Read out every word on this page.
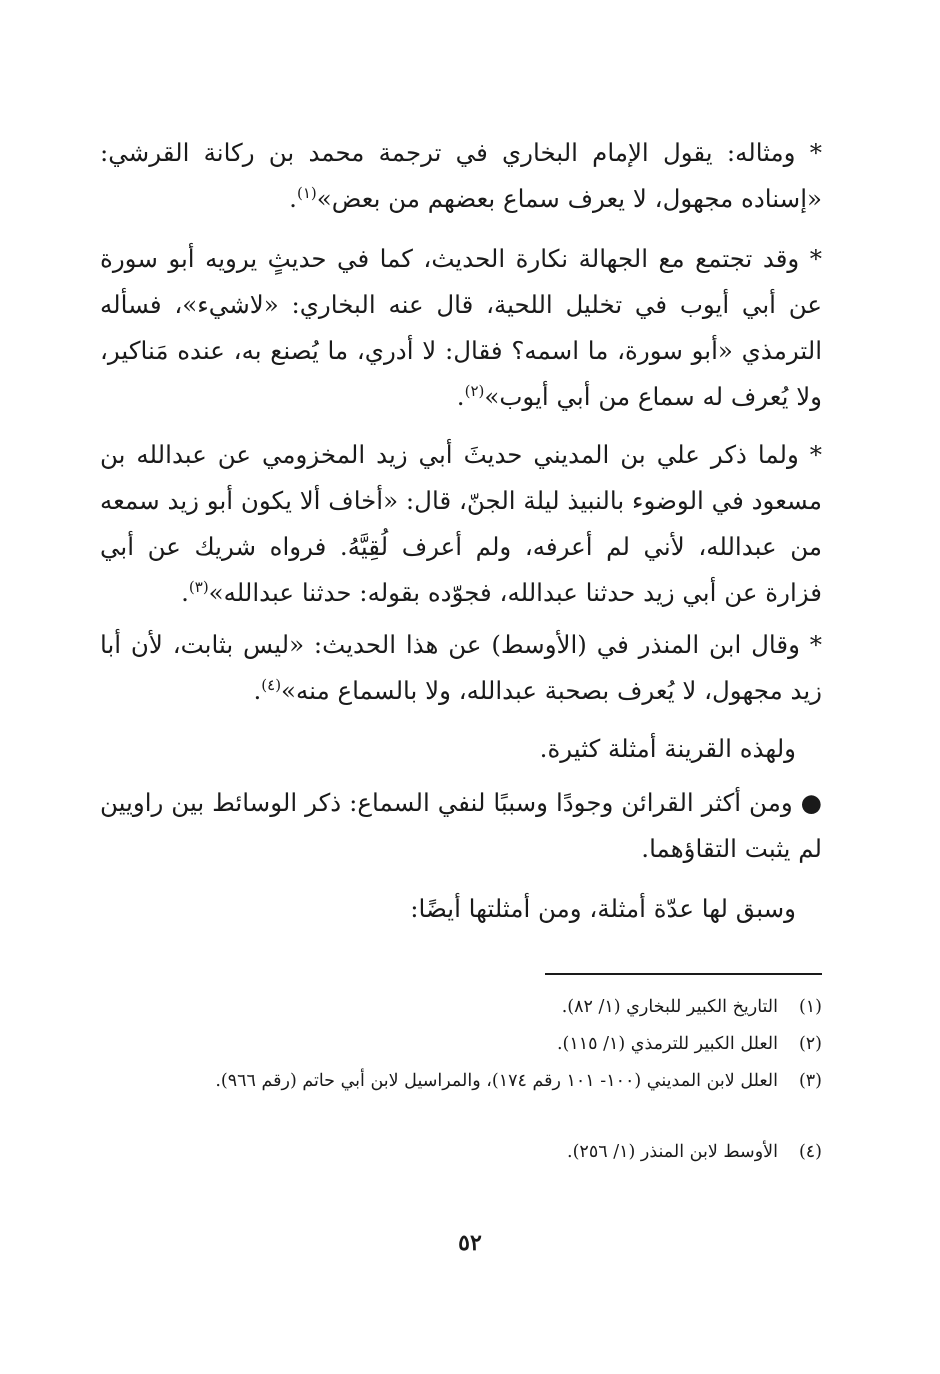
* ومثاله: يقول الإمام البخاري في ترجمة محمد بن ركانة القرشي: «إسناده مجهول، لا يعرف سماع بعضهم من بعض»$^{(١)}$.

* وقد تجتمع مع الجهالة نكارة الحديث، كما في حديثٍ يرويه أبو سورة عن أبي أيوب في تخليل اللحية، قال عنه البخاري: «لاشيء»، فسأله الترمذي «أبو سورة، ما اسمه؟ فقال: لا أدري، ما يُصنع به، عنده مَناكير، ولا يُعرف له سماع من أبي أيوب»$^{(٢)}$.

* ولما ذكر علي بن المديني حديثَ أبي زيد المخزومي عن عبدالله بن مسعود في الوضوء بالنبيذ ليلة الجنّ، قال: «أخاف ألا يكون أبو زيد سمعه من عبدالله، لأني لم أعرفه، ولم أعرف لُقِيَّهُ. فرواه شريك عن أبي فزارة عن أبي زيد حدثنا عبدالله، فجوّده بقوله: حدثنا عبدالله»$^{(٣)}$.

* وقال ابن المنذر في (الأوسط) عن هذا الحديث: «ليس بثابت، لأن أبا زيد مجهول، لا يُعرف بصحبة عبدالله، ولا بالسماع منه»$^{(٤)}$.

ولهذه القرينة أمثلة كثيرة.

● ومن أكثر القرائن وجودًا وسببًا لنفي السماع: ذكر الوسائط بين راويين لم يثبت التقاؤهما.

وسبق لها عدّة أمثلة، ومن أمثلتها أيضًا:

(١)
التاريخ الكبير للبخاري (١/ ٨٢).
(٢)
العلل الكبير للترمذي (١/ ١١٥).
(٣)
العلل لابن المديني (١٠٠- ١٠١ رقم ١٧٤)، والمراسيل لابن أبي حاتم (رقم ٩٦٦).
(٤)
الأوسط لابن المنذر (١/ ٢٥٦).
٥٢
